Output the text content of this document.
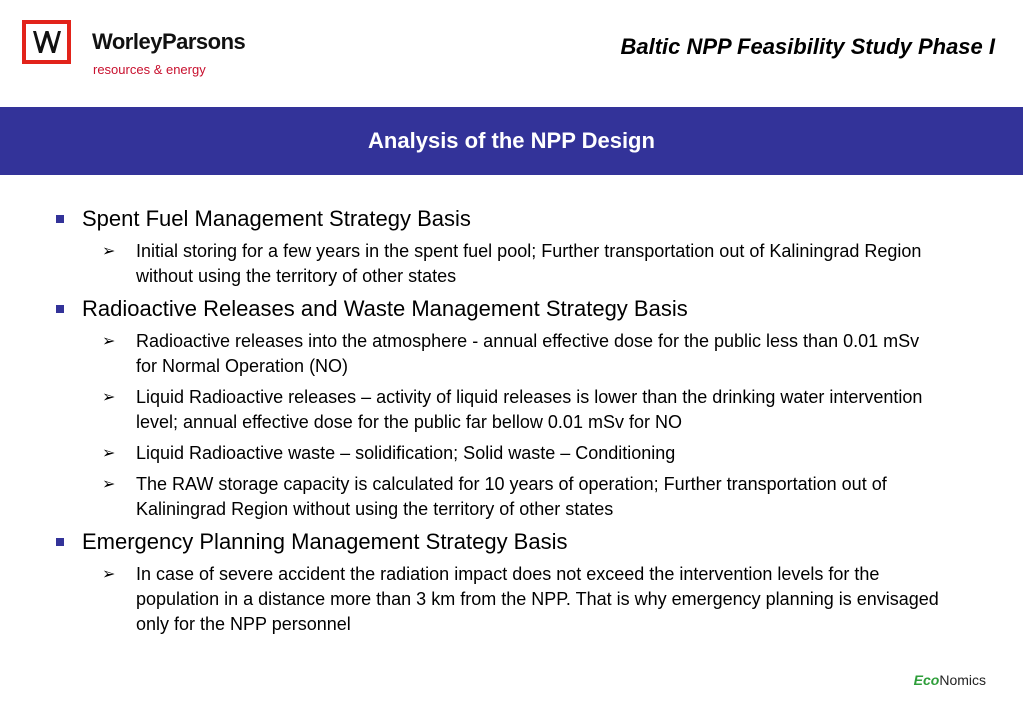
WorleyParsons
resources & energy
Baltic NPP Feasibility Study Phase I
Analysis of the NPP Design
Spent Fuel Management Strategy Basis
➢	Initial storing for a few years in the spent fuel pool; Further transportation out of Kaliningrad Region without using the territory of other states
Radioactive Releases and Waste Management Strategy Basis
➢	Radioactive releases into the atmosphere - annual effective dose for the public less than 0.01 mSv for Normal Operation (NO)
➢	Liquid Radioactive releases – activity of liquid releases is lower than the drinking water intervention level; annual effective dose for the public far bellow 0.01 mSv for NO
➢	Liquid Radioactive waste – solidification; Solid waste – Conditioning
➢	The RAW storage capacity is calculated for 10 years of operation; Further transportation out of Kaliningrad Region without using the territory of other states
Emergency Planning Management Strategy Basis
➢	In case of severe accident the radiation impact does not exceed the intervention levels for the population in a distance more than 3 km from the NPP. That is why emergency planning is envisaged only for the NPP personnel
EcoNomics
